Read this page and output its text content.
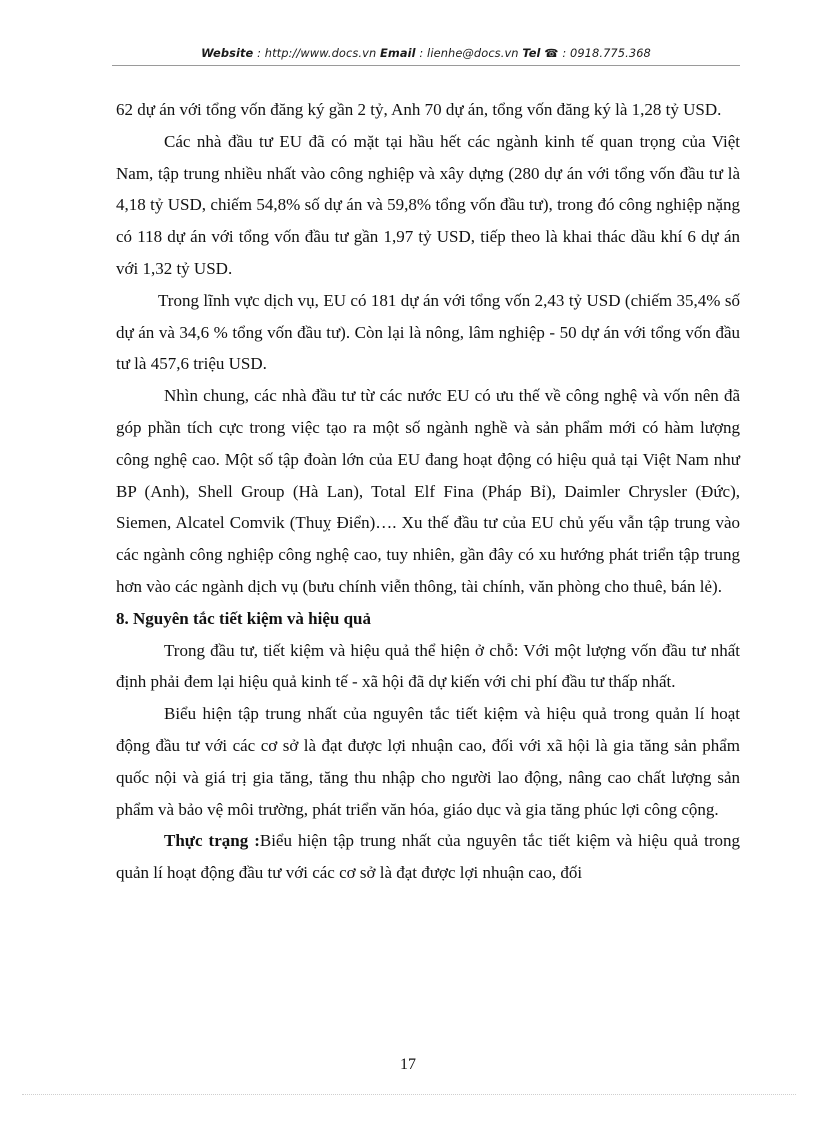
Website : http://www.docs.vn Email : lienhe@docs.vn Tel ☎ : 0918.775.368

62 dự án với tổng vốn đăng ký gần 2 tỷ, Anh 70 dự án, tổng vốn đăng ký là 1,28 tỷ USD.

Các nhà đầu tư EU đã có mặt tại hầu hết các ngành kinh tế quan trọng của Việt Nam, tập trung nhiều nhất vào công nghiệp và xây dựng (280 dự án với tổng vốn đầu tư là 4,18 tỷ USD, chiếm 54,8% số dự án và 59,8% tổng vốn đầu tư), trong đó công nghiệp nặng có 118 dự án với tổng vốn đầu tư gần 1,97 tỷ USD, tiếp theo là khai thác dầu khí 6 dự án với 1,32 tỷ USD.

Trong lĩnh vực dịch vụ, EU có 181 dự án với tổng vốn 2,43 tỷ USD (chiếm 35,4% số dự án và 34,6 % tổng vốn đầu tư). Còn lại là nông, lâm nghiệp - 50 dự án với tổng vốn đầu tư là 457,6 triệu USD.

Nhìn chung, các nhà đầu tư từ các nước EU có ưu thế về công nghệ và vốn nên đã góp phần tích cực trong việc tạo ra một số ngành nghề và sản phẩm mới có hàm lượng công nghệ cao. Một số tập đoàn lớn của EU đang hoạt động có hiệu quả tại Việt Nam như BP (Anh), Shell Group (Hà Lan), Total Elf Fina (Pháp Bỉ), Daimler Chrysler (Đức), Siemen, Alcatel Comvik (Thuỵ Điển)…. Xu thế đầu tư của EU chủ yếu vẫn tập trung vào các ngành công nghiệp công nghệ cao, tuy nhiên, gần đây có xu hướng phát triển tập trung hơn vào các ngành dịch vụ (bưu chính viễn thông, tài chính, văn phòng cho thuê, bán lẻ).

8. Nguyên tắc tiết kiệm và hiệu quả

Trong đầu tư, tiết kiệm và hiệu quả thể hiện ở chỗ: Với một lượng vốn đầu tư nhất định phải đem lại hiệu quả kinh tế - xã hội đã dự kiến với chi phí đầu tư thấp nhất.

Biểu hiện tập trung nhất của nguyên tắc tiết kiệm và hiệu quả trong quản lí hoạt động đầu tư với các cơ sở là đạt được lợi nhuận cao, đối với xã hội là gia tăng sản phẩm quốc nội và giá trị gia tăng, tăng thu nhập cho người lao động, nâng cao chất lượng sản phẩm và bảo vệ môi trường, phát triển văn hóa, giáo dục và gia tăng phúc lợi công cộng.

Thực trạng :Biểu hiện tập trung nhất của nguyên tắc tiết kiệm và hiệu quả trong quản lí hoạt động đầu tư với các cơ sở là đạt được lợi nhuận cao, đối

17
